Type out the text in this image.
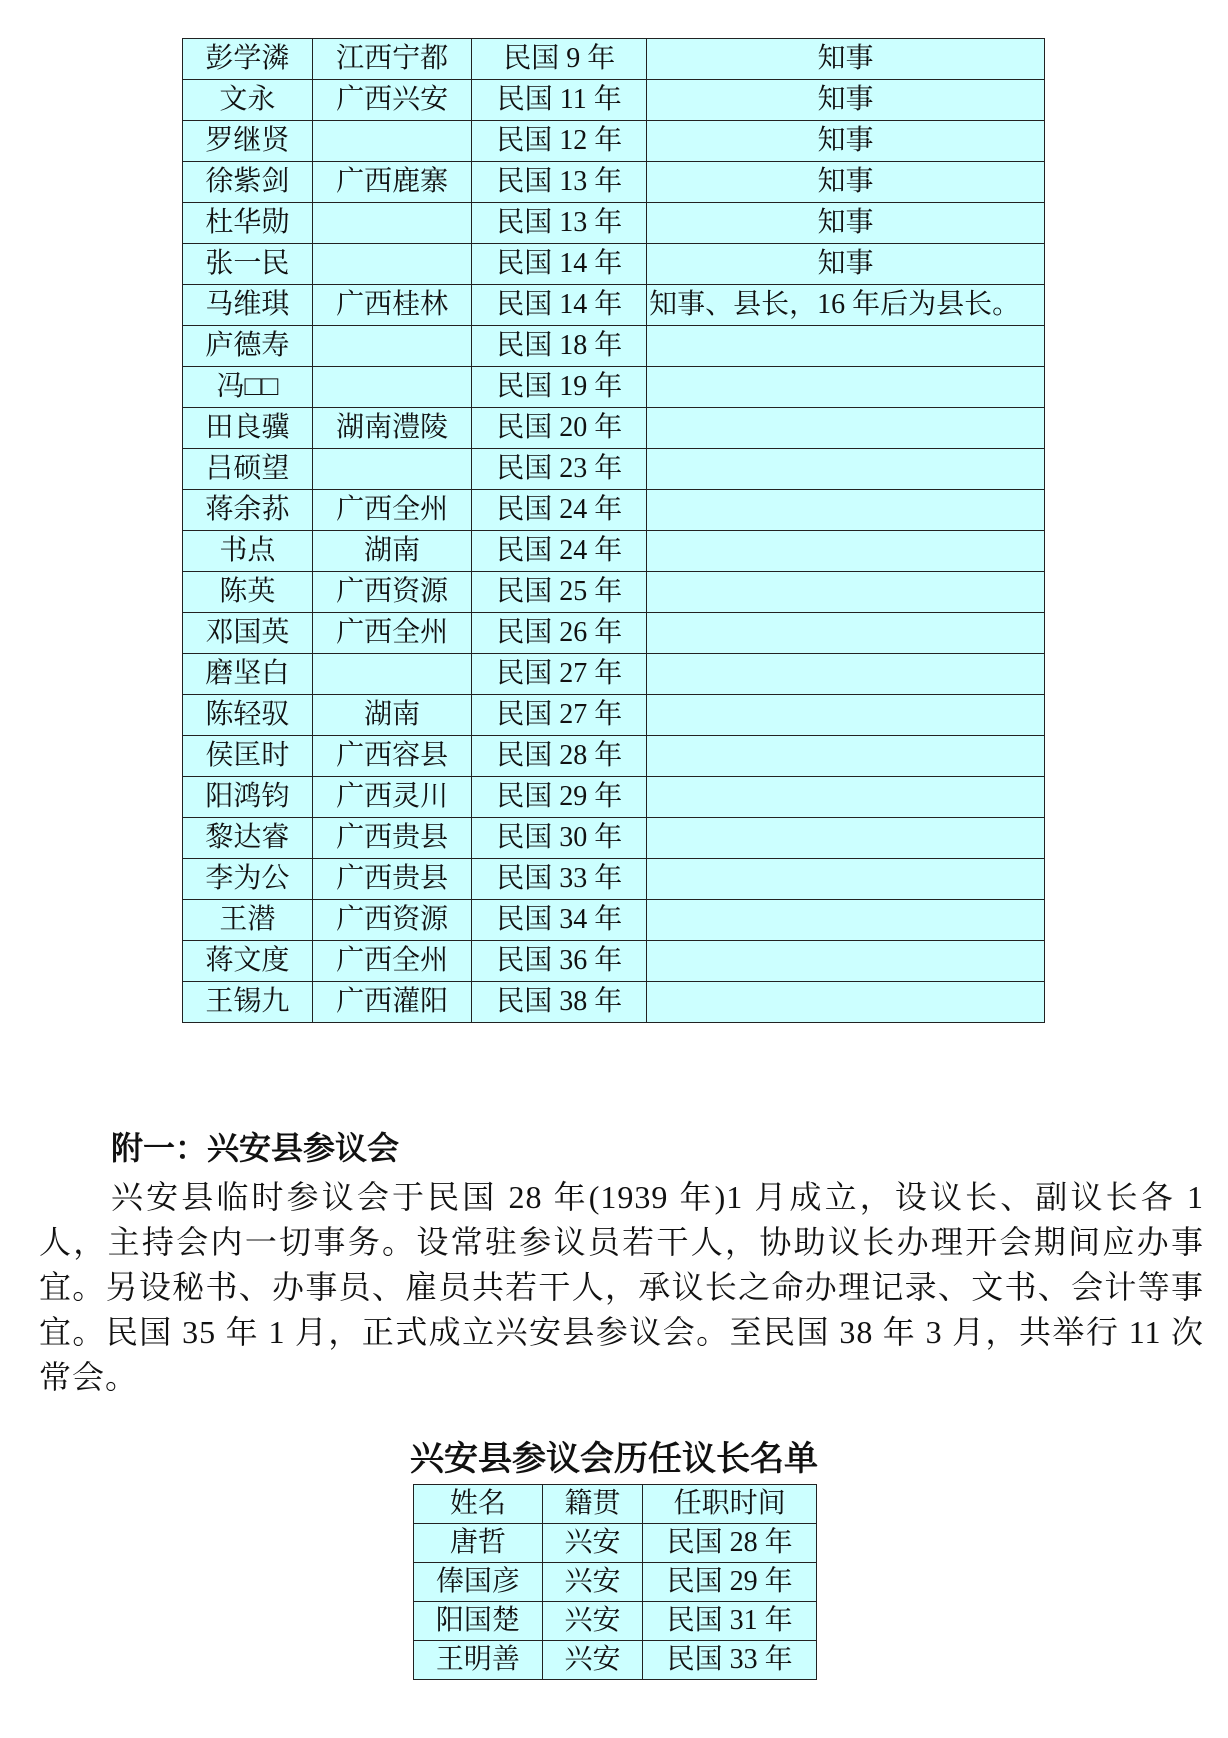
彭学潾	江西宁都	民国 9 年	知事
文永	广西兴安	民国 11 年	知事
罗继贤		民国 12 年	知事
徐紫剑	广西鹿寨	民国 13 年	知事
杜华勋		民国 13 年	知事
张一民		民国 14 年	知事
马维琪	广西桂林	民国 14 年	知事、县长，16 年后为县长。
庐德寿		民国 18 年	
冯□□		民国 19 年	
田良骥	湖南澧陵	民国 20 年	
吕硕望		民国 23 年	
蒋余荪	广西全州	民国 24 年	
书点	湖南	民国 24 年	
陈英	广西资源	民国 25 年	
邓国英	广西全州	民国 26 年	
磨坚白		民国 27 年	
陈轻驭	湖南	民国 27 年	
侯匡时	广西容县	民国 28 年	
阳鸿钧	广西灵川	民国 29 年	
黎达睿	广西贵县	民国 30 年	
李为公	广西贵县	民国 33 年	
王潜	广西资源	民国 34 年	
蒋文度	广西全州	民国 36 年	
王锡九	广西灌阳	民国 38 年	
附一：兴安县参议会
兴安县临时参议会于民国 28 年(1939 年)1 月成立，设议长、副议长各 1 人，主持会内一切事务。设常驻参议员若干人，协助议长办理开会期间应办事宜。另设秘书、办事员、雇员共若干人，承议长之命办理记录、文书、会计等事宜。民国 35 年 1 月，正式成立兴安县参议会。至民国 38 年 3 月，共举行 11 次常会。
兴安县参议会历任议长名单
姓名	籍贯	任职时间
唐哲	兴安	民国 28 年
俸国彦	兴安	民国 29 年
阳国楚	兴安	民国 31 年
王明善	兴安	民国 33 年
